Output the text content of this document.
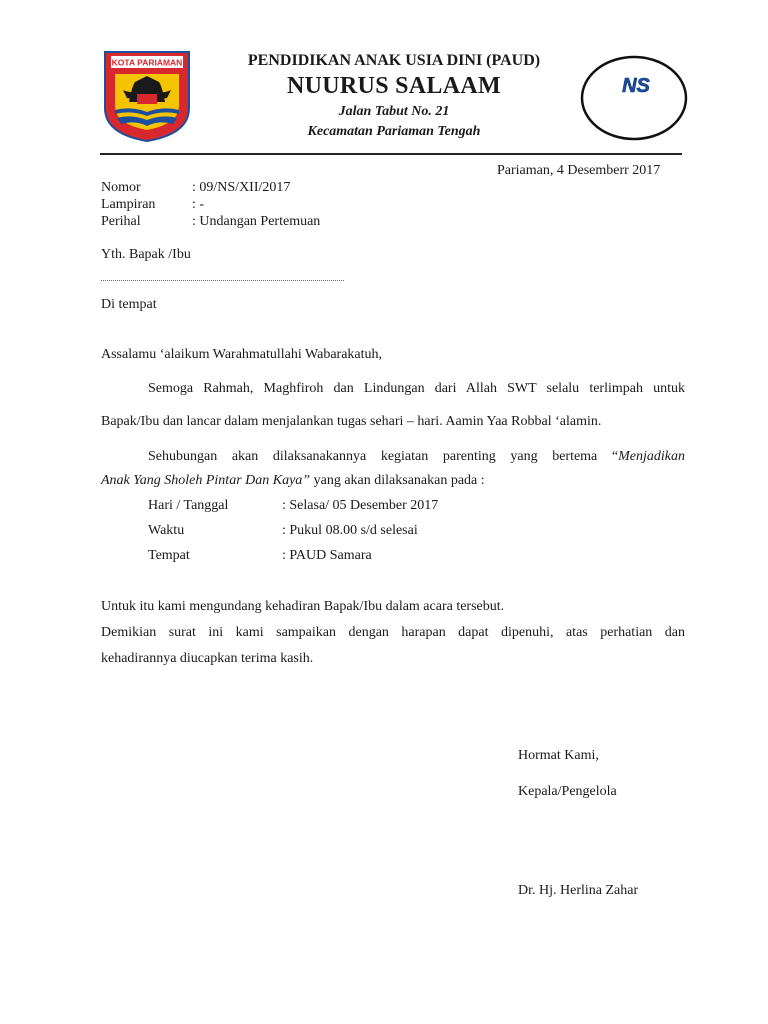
KOTA PARIAMAN	PENDIDIKAN ANAK USIA DINI (PAUD)
NUURUS SALAAM
Jalan Tabut No. 21
Kecamatan Pariaman Tengah
NS
Pariaman, 4 Desemberr 2017
Nomor	: 09/NS/XII/2017
Lampiran	: -
Perihal	: Undangan Pertemuan
Yth. Bapak /Ibu
Di tempat
Assalamu ‘alaikum Warahmatullahi Wabarakatuh,
Semoga Rahmah, Maghfiroh dan Lindungan dari Allah SWT selalu terlimpah untuk
Bapak/Ibu dan lancar dalam menjalankan tugas sehari – hari. Aamin Yaa Robbal ‘alamin.
Sehubungan akan dilaksanakannya kegiatan parenting yang bertema “Menjadikan
Anak Yang Sholeh Pintar Dan Kaya” yang akan dilaksanakan pada :
Hari / Tanggal	: Selasa/ 05 Desember 2017
Waktu	: Pukul 08.00 s/d selesai
Tempat	: PAUD Samara
Untuk itu kami mengundang kehadiran Bapak/Ibu dalam acara tersebut.
Demikian surat ini kami sampaikan dengan harapan dapat dipenuhi, atas perhatian dan
kehadirannya diucapkan terima kasih.
Hormat Kami,
Kepala/Pengelola
Dr. Hj. Herlina Zahar
